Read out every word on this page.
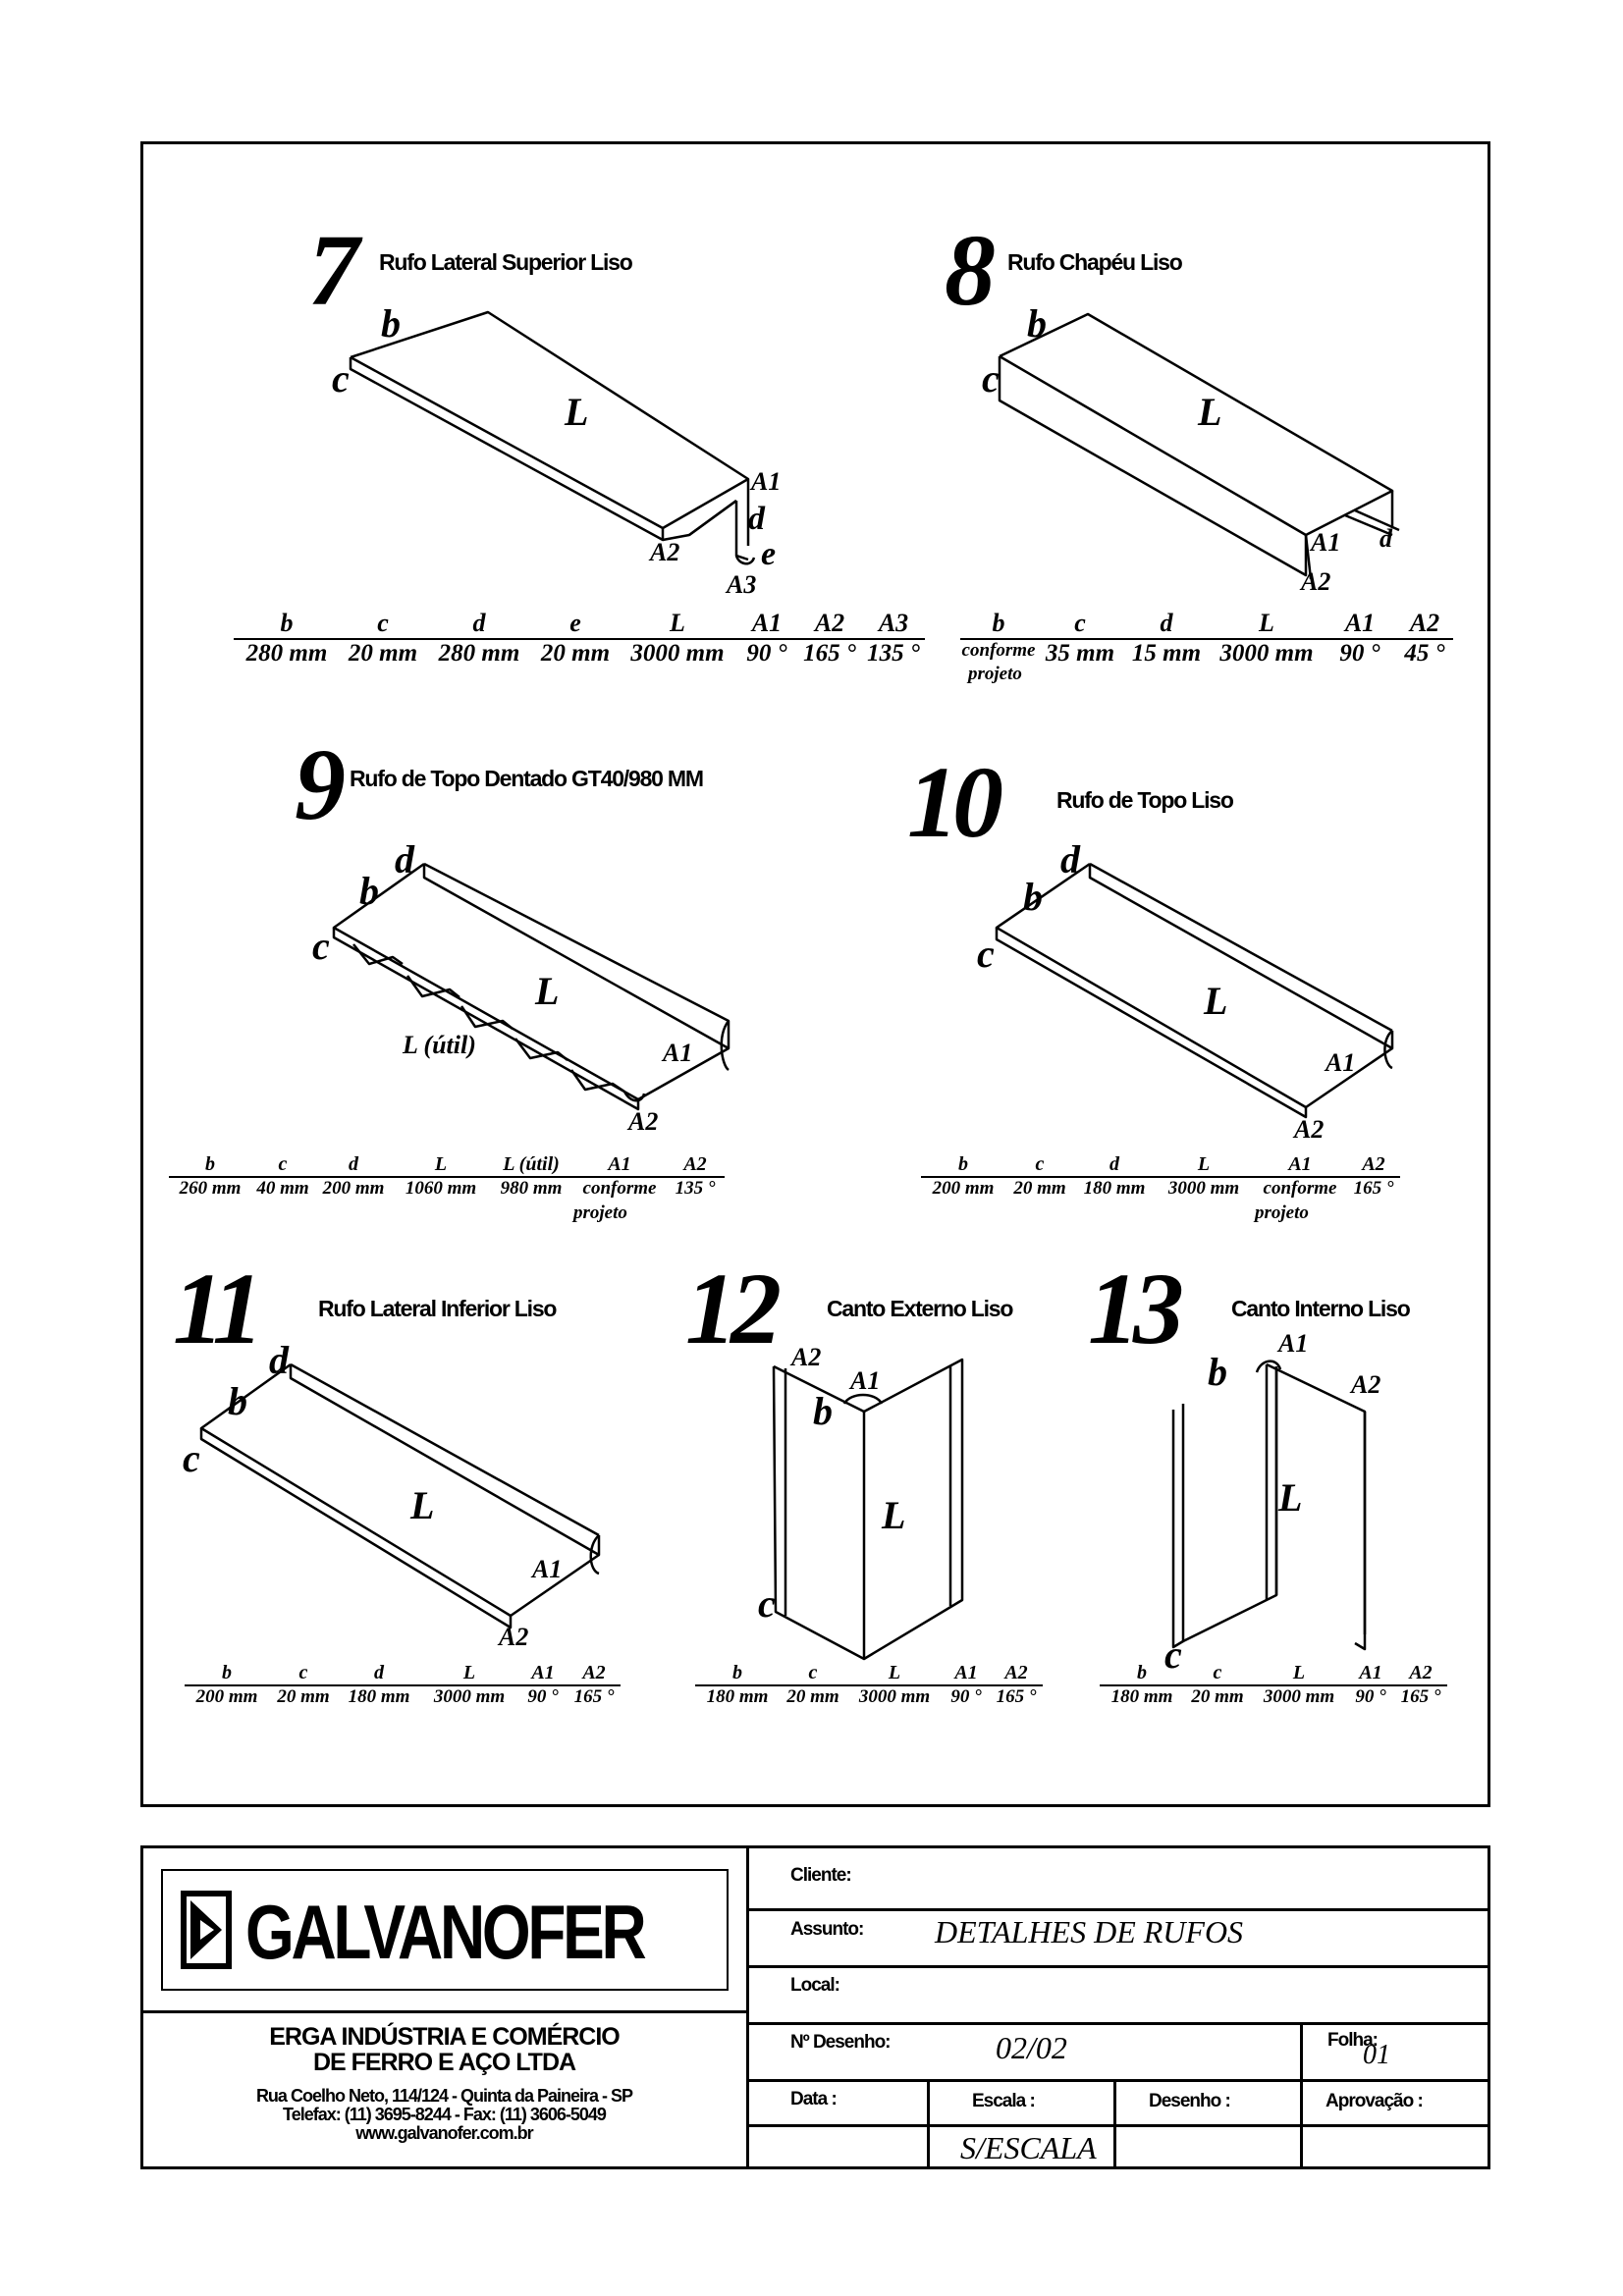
7 Rufo Lateral Superior Liso
b
c
L
A1
d
A2 e
A3
b	c	d	e	L	A1	A2	A3
280 mm 20 mm 280 mm 20 mm 3000 mm 90 ° 165 ° 135 °
8 Rufo Chapéu Liso
b
c
L
A1
A2
d
b	c	d	L	A1	A2
conforme 35 mm 15 mm 3000 mm	90 ° 45 °
projeto
9 Rufo de Topo Dentado GT40/980 MM
d
b
c
L
L (útil)	A1
A2
b	c	d	L	L (útil)	A1	A2
260 mm 40 mm 200 mm	1060 mm	980 mm	conforme	135 °
projeto
10	Rufo de Topo Liso
d
b
c
L
A1
A2
b	c	d	L	A1	A2
200 mm	20 mm 180 mm	3000 mm	conforme 165 °
projeto
11	Rufo Lateral Inferior Liso
d
b
c
L
A1
A2
b	c	d	L	A1	A2
200 mm	20 mm 180 mm	3000 mm	90 ° 165 °
12 Canto Externo Liso
A2
A1
b
L
c
b	c	L	A1	A2
180 mm 20 mm	3000 mm	90 ° 165 °
13 Canto Interno Liso
A1
b	A2
L
c
b	c	L	A1	A2
180 mm 20 mm	3000 mm	90 ° 165 °
GALVANOFER
ERGA INDÚSTRIA E COMÉRCIO
DE FERRO E AÇO LTDA
Rua Coelho Neto, 114/124 - Quinta da Paineira - SP
Telefax: (11) 3695-8244 - Fax: (11) 3606-5049
www.galvanofer.com.br
Cliente:
Assunto: DETALHES DE RUFOS
Local:
Nº Desenho:	02/02	Folha:
01
Data :	Escala :	Desenho :	Aprovação :
S/ESCALA
